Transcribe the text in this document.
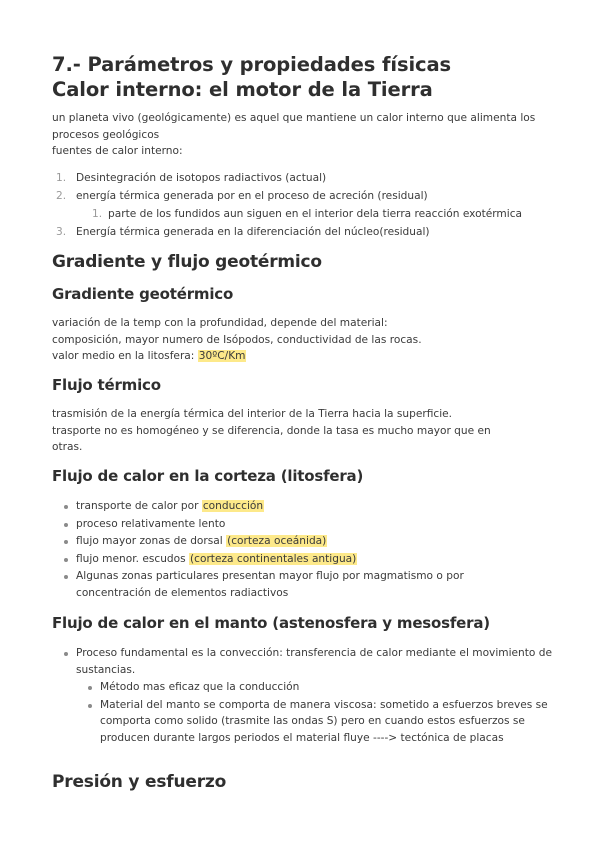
7.- Parámetros y propiedades físicas
Calor interno: el motor de la Tierra

un planeta vivo (geológicamente) es aquel que mantiene un calor interno que alimenta los procesos geológicos

fuentes de calor interno:

1. Desintegración de isotopos radiactivos (actual)
2. energía térmica generada por en el proceso de acreción (residual)
1. parte de los fundidos aun siguen en el interior dela tierra reacción exotérmica
3. Energía térmica generada en la diferenciación del núcleo(residual)
Gradiente y flujo geotérmico
Gradiente geotérmico

variación de la temp con la profundidad, depende del material:

composición, mayor numero de Isópodos, conductividad de las rocas.

valor medio en la litosfera: 30ºC/Km

Flujo térmico

trasmisión de la energía térmica del interior de la Tierra hacia la superficie.

trasporte no es homogéneo y se diferencia, donde la tasa es mucho mayor que en otras.

Flujo de calor en la corteza (litosfera)
transporte de calor por conducción
proceso relativamente lento
flujo mayor zonas de dorsal (corteza oceánida)
flujo menor. escudos (corteza continentales antigua)
Algunas zonas particulares presentan mayor flujo por magmatismo o por concentración de elementos radiactivos
Flujo de calor en el manto (astenosfera y mesosfera)
Proceso fundamental es la convección: transferencia de calor mediante el movimiento de sustancias.
Método mas eficaz que la conducción
Material del manto se comporta de manera viscosa: sometido a esfuerzos breves se comporta como solido (trasmite las ondas S) pero en cuando estos esfuerzos se producen durante largos periodos el material fluye ----> tectónica de placas
Presión y esfuerzo
